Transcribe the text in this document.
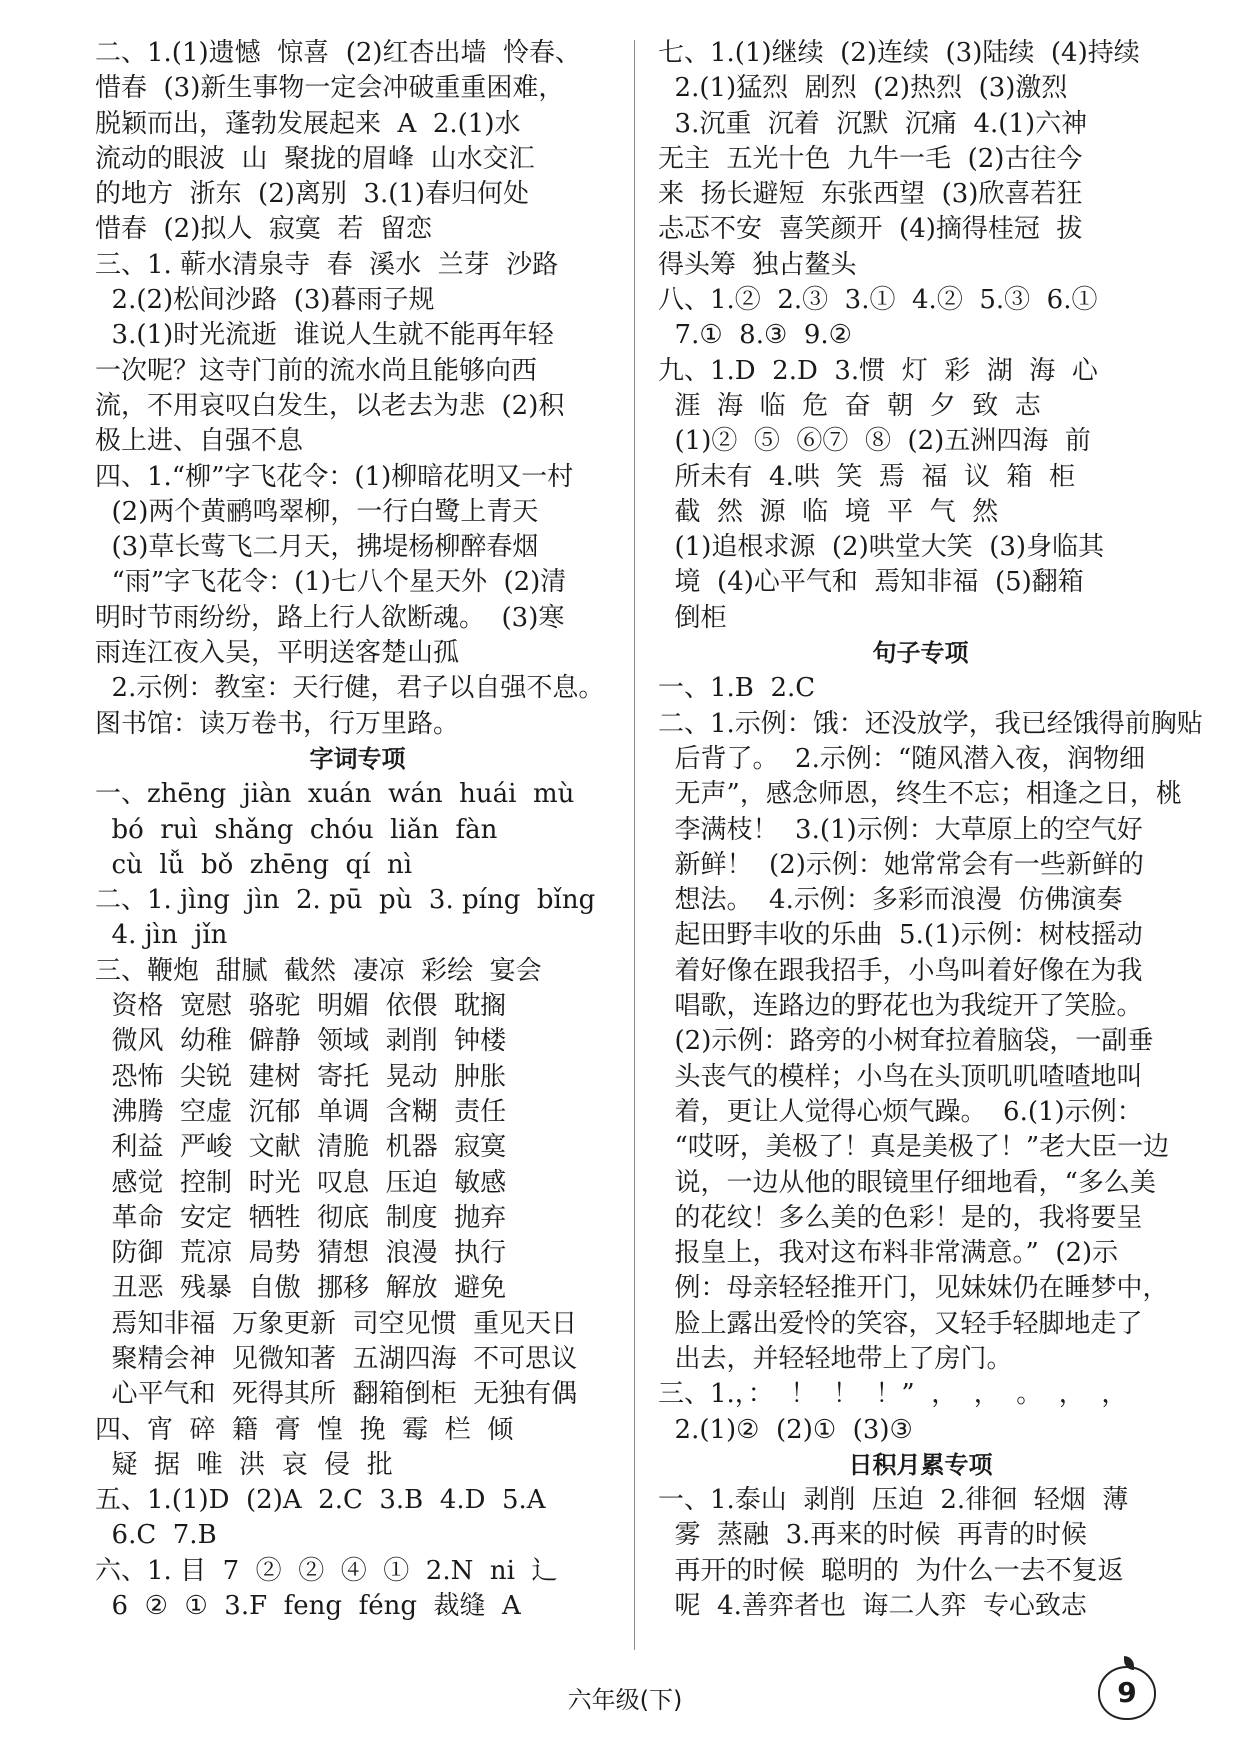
二、1.(1)遗憾  惊喜  (2)红杏出墙  怜春、
惜春  (3)新生事物一定会冲破重重困难，
脱颖而出，蓬勃发展起来  A  2.(1)水
流动的眼波  山  聚拢的眉峰  山水交汇
的地方  浙东  (2)离别  3.(1)春归何处
惜春  (2)拟人  寂寞  若  留恋
三、1. 蕲水清泉寺  春  溪水  兰芽  沙路
2.(2)松间沙路  (3)暮雨子规
3.(1)时光流逝  谁说人生就不能再年轻
一次呢？这寺门前的流水尚且能够向西
流，不用哀叹白发生，以老去为悲  (2)积
极上进、自强不息
四、1.“柳”字飞花令：(1)柳暗花明又一村
(2)两个黄鹂鸣翠柳，一行白鹭上青天
(3)草长莺飞二月天，拂堤杨柳醉春烟
“雨”字飞花令：(1)七八个星天外  (2)清
明时节雨纷纷，路上行人欲断魂。  (3)寒
雨连江夜入吴，平明送客楚山孤
2.示例：教室：天行健，君子以自强不息。
图书馆：读万卷书，行万里路。
字词专项
一、zhēng  jiàn  xuán  wán  huái  mù
bó  ruì  shǎng  chóu  liǎn  fàn
cù  lǚ  bǒ  zhēng  qí  nì
二、1. jìng  jìn  2. pū  pù  3. píng  bǐng
4. jìn  jǐn
三、鞭炮  甜腻  截然  凄凉  彩绘  宴会
资格  宽慰  骆驼  明媚  依偎  耽搁
微风  幼稚  僻静  领域  剥削  钟楼
恐怖  尖锐  建树  寄托  晃动  肿胀
沸腾  空虚  沉郁  单调  含糊  责任
利益  严峻  文献  清脆  机器  寂寞
感觉  控制  时光  叹息  压迫  敏感
革命  安定  牺牲  彻底  制度  抛弃
防御  荒凉  局势  猜想  浪漫  执行
丑恶  残暴  自傲  挪移  解放  避免
焉知非福  万象更新  司空见惯  重见天日
聚精会神  见微知著  五湖四海  不可思议
心平气和  死得其所  翻箱倒柜  无独有偶
四、宵  碎  籍  膏  惶  挽  霉  栏  倾
疑  据  唯  洪  哀  侵  批
五、1.(1)D  (2)A  2.C  3.B  4.D  5.A
6.C  7.B
六、1. 目  7  ②  ②  ④  ①  2.N  ni  辶
6  ②  ①  3.F  feng  féng  裁缝  A
七、1.(1)继续  (2)连续  (3)陆续  (4)持续
2.(1)猛烈  剧烈  (2)热烈  (3)激烈
3.沉重  沉着  沉默  沉痛  4.(1)六神
无主  五光十色  九牛一毛  (2)古往今
来  扬长避短  东张西望  (3)欣喜若狂
忐忑不安  喜笑颜开  (4)摘得桂冠  拔
得头筹  独占鳌头
八、1.②  2.③  3.①  4.②  5.③  6.①
7.①  8.③  9.②
九、1.D  2.D  3.惯  灯  彩  湖  海  心
涯  海  临  危  奋  朝  夕  致  志
(1)②  ⑤  ⑥⑦  ⑧  (2)五洲四海  前
所未有  4.哄  笑  焉  福  议  箱  柜
截  然  源  临  境  平  气  然
(1)追根求源  (2)哄堂大笑  (3)身临其
境  (4)心平气和  焉知非福  (5)翻箱
倒柜
句子专项
一、1.B  2.C
二、1.示例：饿：还没放学，我已经饿得前胸贴
后背了。  2.示例：“随风潜入夜，润物细
无声”，感念师恩，终生不忘；相逢之日，桃
李满枝！  3.(1)示例：大草原上的空气好
新鲜！  (2)示例：她常常会有一些新鲜的
想法。  4.示例：多彩而浪漫  仿佛演奏
起田野丰收的乐曲  5.(1)示例：树枝摇动
着好像在跟我招手，小鸟叫着好像在为我
唱歌，连路边的野花也为我绽开了笑脸。
(2)示例：路旁的小树耷拉着脑袋，一副垂
头丧气的模样；小鸟在头顶叽叽喳喳地叫
着，更让人觉得心烦气躁。  6.(1)示例：
“哎呀，美极了！真是美极了！”老大臣一边
说，一边从他的眼镜里仔细地看，“多么美
的花纹！多么美的色彩！是的，我将要呈
报皇上，我对这布料非常满意。”  (2)示
例：母亲轻轻推开门，见妹妹仍在睡梦中，
脸上露出爱怜的笑容，又轻手轻脚地走了
出去，并轻轻地带上了房门。
三、1.，：  ！  ！  ！”  ，  ，  。  ，  ，
2.(1)②  (2)①  (3)③
日积月累专项
一、1.泰山  剥削  压迫  2.徘徊  轻烟  薄
雾  蒸融  3.再来的时候  再青的时候
再开的时候  聪明的  为什么一去不复返
呢  4.善弈者也  诲二人弈  专心致志
六年级(下)	9
